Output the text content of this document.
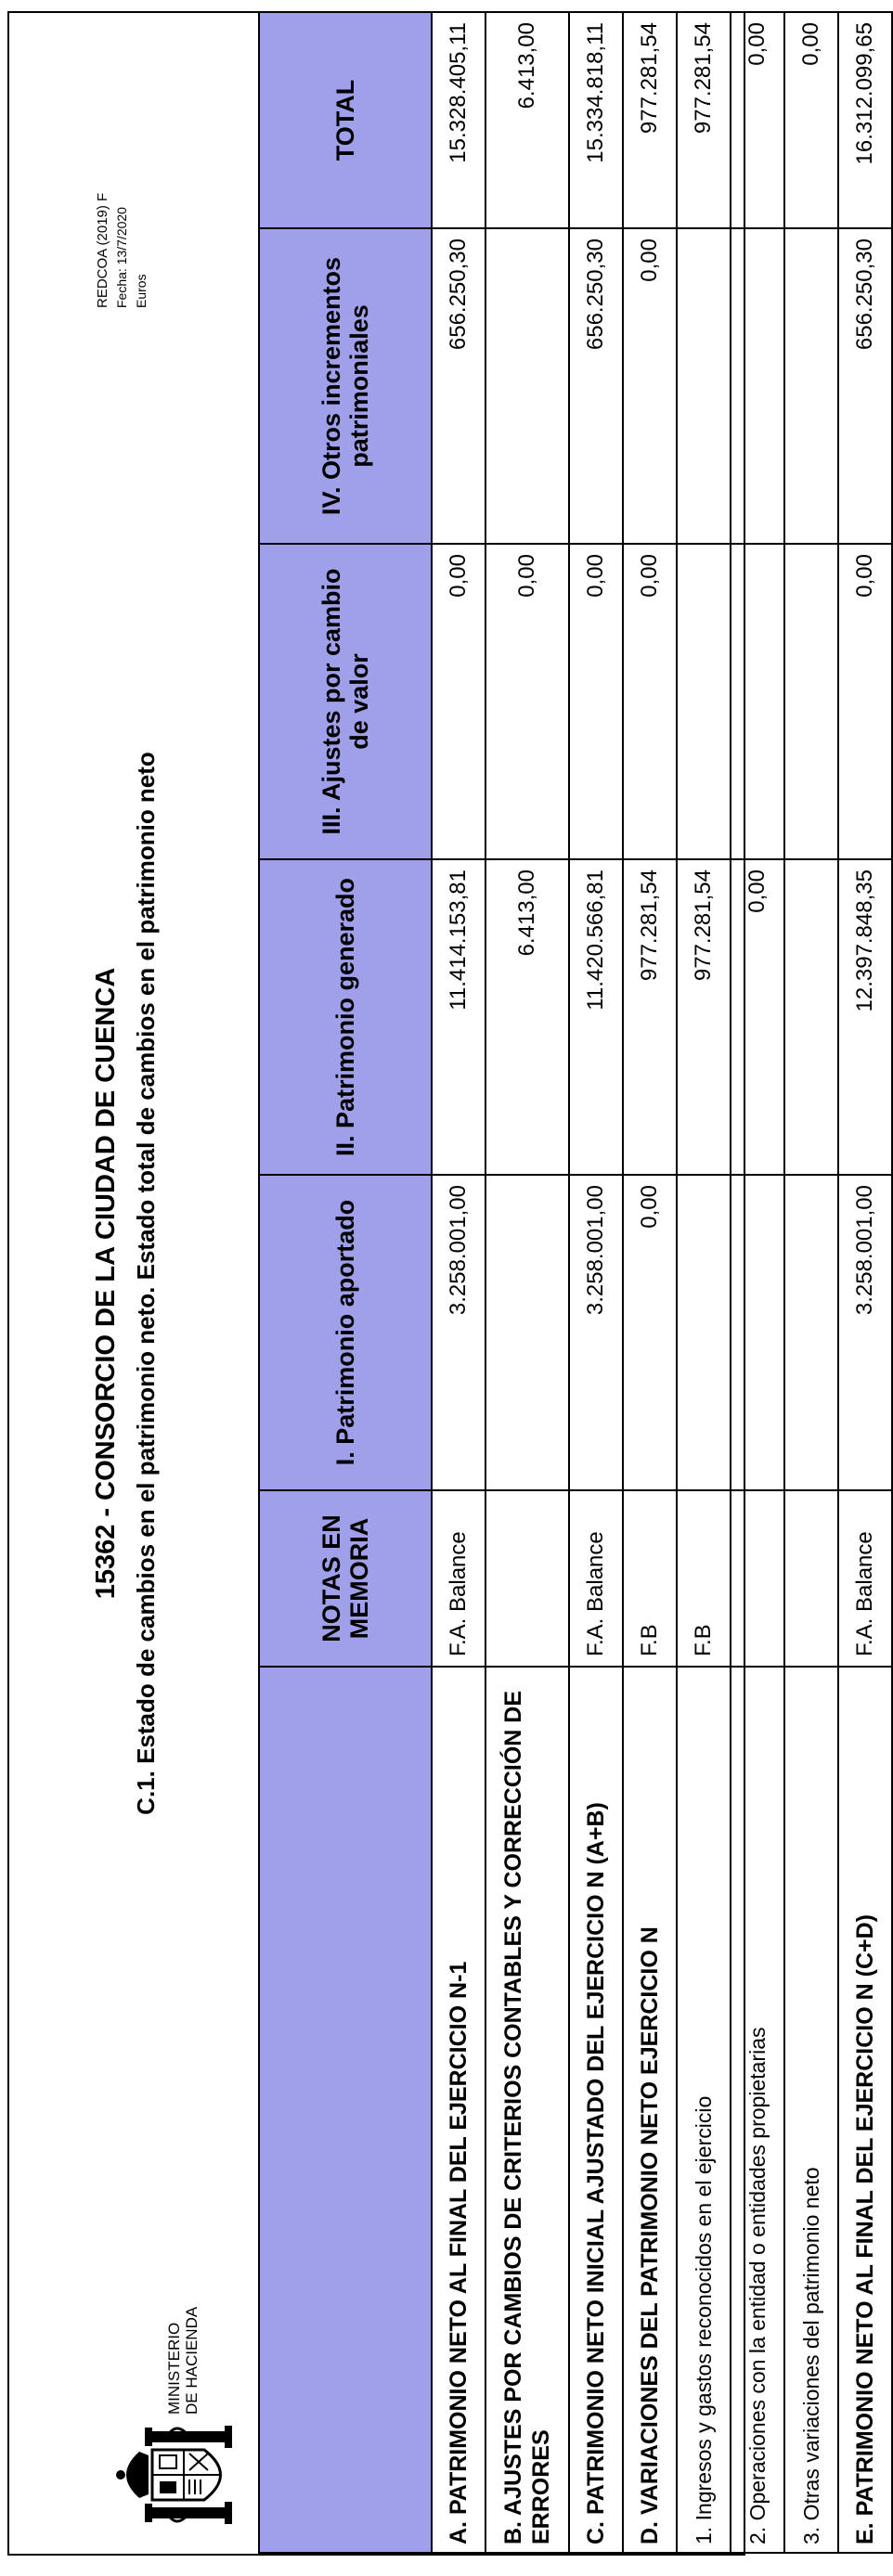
MINISTERIO DE HACIENDA
15362 - CONSORCIO DE LA CIUDAD DE CUENCA C.1. Estado de cambios en el patrimonio neto. Estado total de cambios en el patrimonio neto
REDCOA (2019) F Fecha: 13/7/2020 Euros
	NOTAS EN MEMORIA	I. Patrimonio aportado	II. Patrimonio generado	III. Ajustes por cambio de valor	IV. Otros incrementos patrimoniales	TOTAL
A. PATRIMONIO NETO AL FINAL DEL EJERCICIO N-1	F.A. Balance	3.258.001,00	11.414.153,81	0,00	656.250,30	15.328.405,11
B. AJUSTES POR CAMBIOS DE CRITERIOS CONTABLES Y CORRECCIÓN DE ERRORES			6.413,00	0,00		6.413,00
C. PATRIMONIO NETO INICIAL AJUSTADO DEL EJERCICIO N (A+B)	F.A. Balance	3.258.001,00	11.420.566,81	0,00	656.250,30	15.334.818,11
D. VARIACIONES DEL PATRIMONIO NETO EJERCICIO N	F.B	0,00	977.281,54	0,00	0,00	977.281,54
1. Ingresos y gastos reconocidos en el ejercicio	F.B		977.281,54			977.281,54
2. Operaciones con la entidad o entidades propietarias			0,00			0,00
3. Otras variaciones del patrimonio neto						0,00
E. PATRIMONIO NETO AL FINAL DEL EJERCICIO N (C+D)	F.A. Balance	3.258.001,00	12.397.848,35	0,00	656.250,30	16.312.099,65
